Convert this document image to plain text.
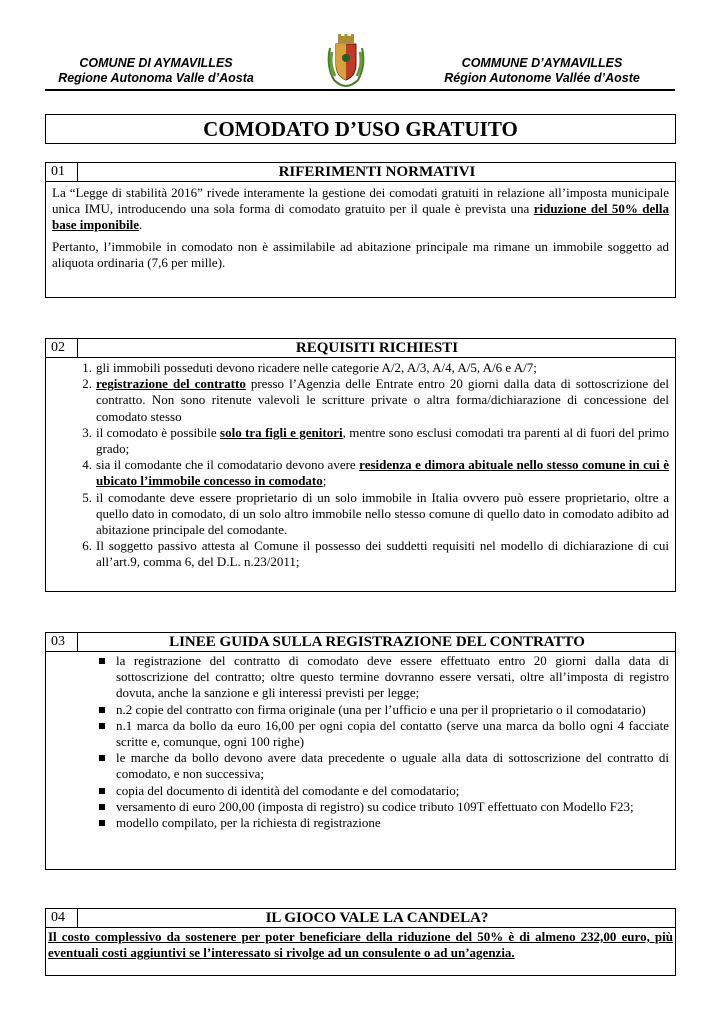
COMUNE DI AYMAVILLES
Regione Autonoma Valle d’Aosta
COMMUNE D’AYMAVILLES
Région Autonome Vallée d’Aoste
COMODATO D’USO GRATUITO
01	RIFERIMENTI NORMATIVI

La “Legge di stabilità 2016” rivede interamente la gestione dei comodati gratuiti in relazione all’imposta municipale unica IMU, introducendo una sola forma di comodato gratuito per il quale è prevista una riduzione del 50% della base imponibile.

Pertanto, l’immobile in comodato non è assimilabile ad abitazione principale ma rimane un immobile soggetto ad aliquota ordinaria (7,6 per mille).

02	REQUISITI RICHIESTI
1. gli immobili posseduti devono ricadere nelle categorie A/2, A/3, A/4, A/5, A/6 e A/7;
2. registrazione del contratto presso l’Agenzia delle Entrate entro 20 giorni dalla data di sottoscrizione del contratto. Non sono ritenute valevoli le scritture private o altra forma/dichiarazione di concessione del comodato stesso
3. il comodato è possibile solo tra figli e genitori, mentre sono esclusi comodati tra parenti al di fuori del primo grado;
4. sia il comodante che il comodatario devono avere residenza e dimora abituale nello stesso comune in cui è ubicato l’immobile concesso in comodato;
5. il comodante deve essere proprietario di un solo immobile in Italia ovvero può essere proprietario, oltre a quello dato in comodato, di un solo altro immobile nello stesso comune di quello dato in comodato adibito ad abitazione principale del comodante.
6. Il soggetto passivo attesta al Comune il possesso dei suddetti requisiti nel modello di dichiarazione di cui all’art.9, comma 6, del D.L. n.23/2011;
03	LINEE GUIDA SULLA REGISTRAZIONE DEL CONTRATTO
la registrazione del contratto di comodato deve essere effettuato entro 20 giorni dalla data di sottoscrizione del contratto; oltre questo termine dovranno essere versati, oltre all’imposta di registro dovuta, anche la sanzione e gli interessi previsti per legge;
n.2 copie del contratto con firma originale (una per l’ufficio e una per il proprietario o il comodatario)
n.1 marca da bollo da euro 16,00 per ogni copia del contatto (serve una marca da bollo ogni 4 facciate scritte e, comunque, ogni 100 righe)
le marche da bollo devono avere data precedente o uguale alla data di sottoscrizione del contratto di comodato, e non successiva;
copia del documento di identità del comodante e del comodatario;
versamento di euro 200,00 (imposta di registro) su codice tributo 109T effettuato con Modello F23;
modello compilato, per la richiesta di registrazione
04	IL GIOCO VALE LA CANDELA?
Il costo complessivo da sostenere per poter beneficiare della riduzione del 50% è di almeno 232,00 euro, più eventuali costi aggiuntivi se l’interessato si rivolge ad un consulente o ad un’agenzia.
